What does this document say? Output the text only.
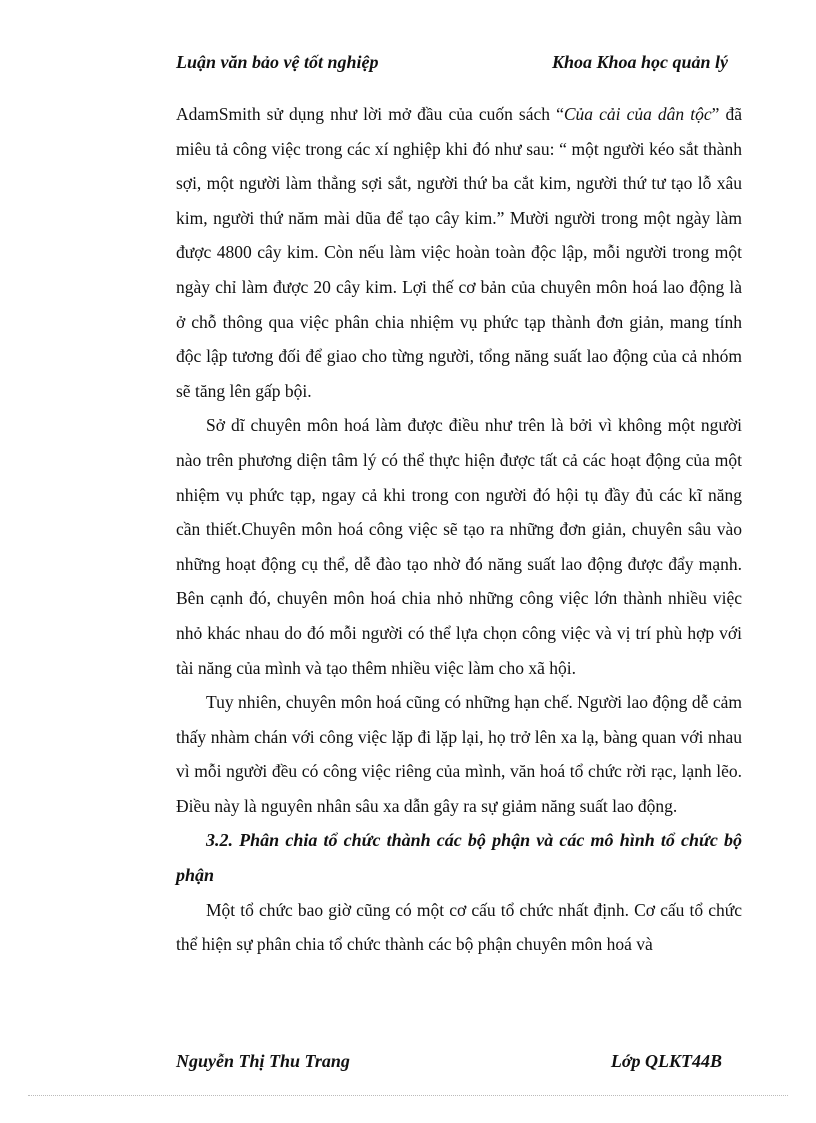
Luận văn bảo vệ tốt nghiệp	Khoa Khoa học quản lý

AdamSmith sử dụng như lời mở đầu của cuốn sách “Của cải của dân tộc” đã miêu tả công việc trong các xí nghiệp khi đó như sau: “ một người kéo sắt thành sợi, một người làm thẳng sợi sắt, người thứ ba cắt kim, người thứ tư tạo lỗ xâu kim, người thứ năm mài dũa để tạo cây kim.” Mười người trong một ngày làm được 4800 cây kim. Còn nếu làm việc hoàn toàn độc lập, mỗi người trong một ngày chỉ làm được 20 cây kim. Lợi thế cơ bản của chuyên môn hoá lao động là ở chỗ thông qua việc phân chia nhiệm vụ phức tạp thành đơn giản, mang tính độc lập tương đối để giao cho từng người, tổng năng suất lao động của cả nhóm sẽ tăng lên gấp bội.

Sở dĩ chuyên môn hoá làm được điều như trên là bởi vì không một người nào trên phương diện tâm lý có thể thực hiện được tất cả các hoạt động của một nhiệm vụ phức tạp, ngay cả khi trong con người đó hội tụ đầy đủ các kĩ năng cần thiết.Chuyên môn hoá công việc sẽ tạo ra những đơn giản, chuyên sâu vào những hoạt động cụ thể, dễ đào tạo nhờ đó năng suất lao động được đẩy mạnh. Bên cạnh đó, chuyên môn hoá chia nhỏ những công việc lớn thành nhiều việc nhỏ khác nhau do đó mỗi người có thể lựa chọn công việc và vị trí phù hợp với tài năng của mình và tạo thêm nhiều việc làm cho xã hội.

Tuy nhiên, chuyên môn hoá cũng có những hạn chế. Người lao động dễ cảm thấy nhàm chán với công việc lặp đi lặp lại, họ trở lên xa lạ, bàng quan với nhau vì mỗi người đều có công việc riêng của mình, văn hoá tổ chức rời rạc, lạnh lẽo. Điều này là nguyên nhân sâu xa dẫn gây ra sự giảm năng suất lao động.

3.2. Phân chia tổ chức thành các bộ phận và các mô hình tổ chức bộ phận

Một tổ chức bao giờ cũng có một cơ cấu tổ chức nhất định. Cơ cấu tổ chức thể hiện sự phân chia tổ chức thành các bộ phận chuyên môn hoá và

Nguyễn Thị Thu Trang	Lớp QLKT44B
